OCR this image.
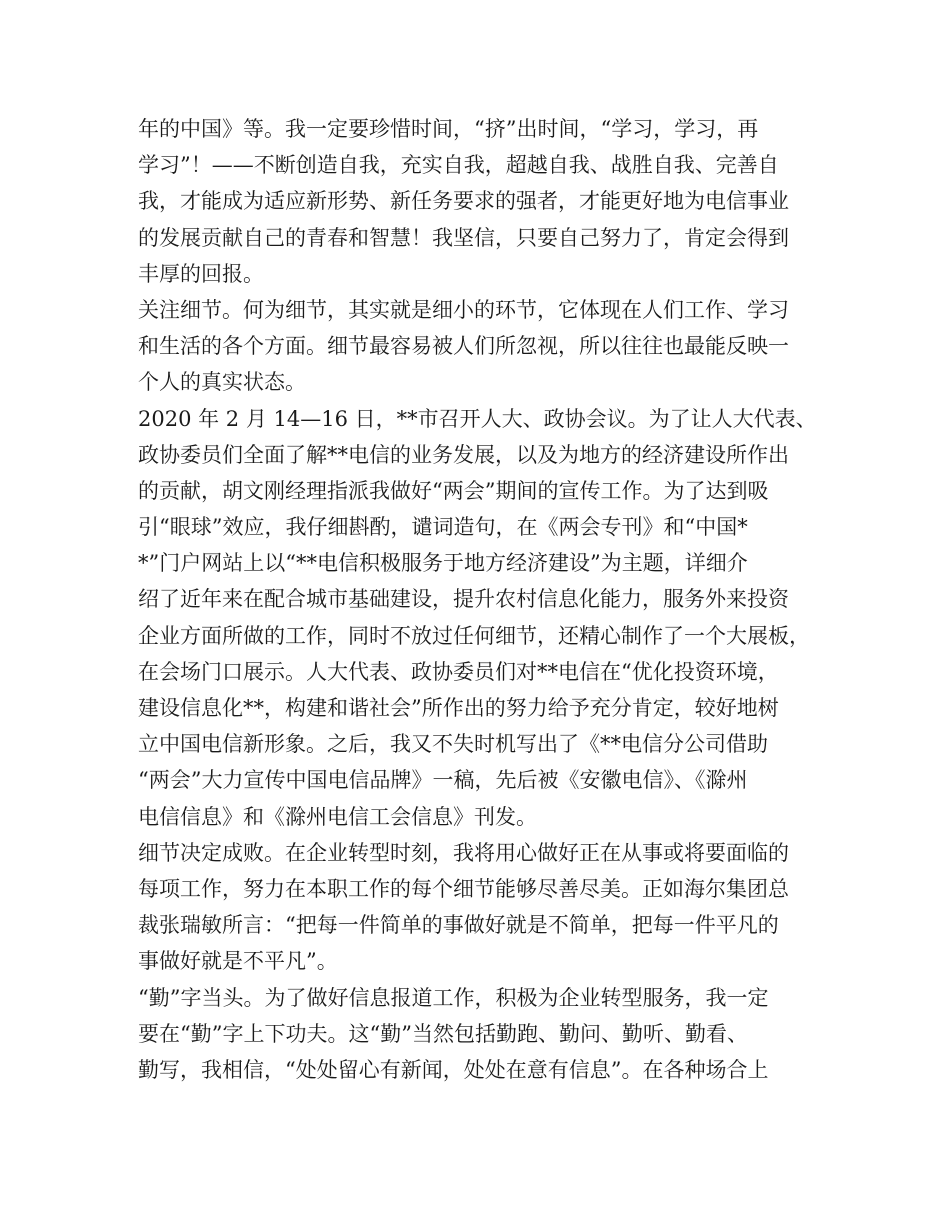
年的中国》等。我一定要珍惜时间，“挤”出时间，“学习，学习，再
学习”！——不断创造自我，充实自我，超越自我、战胜自我、完善自
我，才能成为适应新形势、新任务要求的强者，才能更好地为电信事业
的发展贡献自己的青春和智慧！我坚信，只要自己努力了，肯定会得到
丰厚的回报。
关注细节。何为细节，其实就是细小的环节，它体现在人们工作、学习
和生活的各个方面。细节最容易被人们所忽视，所以往往也最能反映一
个人的真实状态。
2020 年 2 月 14—16 日，**市召开人大、政协会议。为了让人大代表、
政协委员们全面了解**电信的业务发展，以及为地方的经济建设所作出
的贡献，胡文刚经理指派我做好“两会”期间的宣传工作。为了达到吸
引“眼球”效应，我仔细斟酌，谴词造句，在《两会专刊》和“中国*
*”门户网站上以“**电信积极服务于地方经济建设”为主题，详细介
绍了近年来在配合城市基础建设，提升农村信息化能力，服务外来投资
企业方面所做的工作，同时不放过任何细节，还精心制作了一个大展板，
在会场门口展示。人大代表、政协委员们对**电信在“优化投资环境，
建设信息化**，构建和谐社会”所作出的努力给予充分肯定，较好地树
立中国电信新形象。之后，我又不失时机写出了《**电信分公司借助
“两会”大力宣传中国电信品牌》一稿，先后被《安徽电信》、《滁州
电信信息》和《滁州电信工会信息》刊发。
细节决定成败。在企业转型时刻，我将用心做好正在从事或将要面临的
每项工作，努力在本职工作的每个细节能够尽善尽美。正如海尔集团总
裁张瑞敏所言：“把每一件简单的事做好就是不简单，把每一件平凡的
事做好就是不平凡”。
“勤”字当头。为了做好信息报道工作，积极为企业转型服务，我一定
要在“勤”字上下功夫。这“勤”当然包括勤跑、勤问、勤听、勤看、
勤写，我相信，“处处留心有新闻，处处在意有信息”。在各种场合上
